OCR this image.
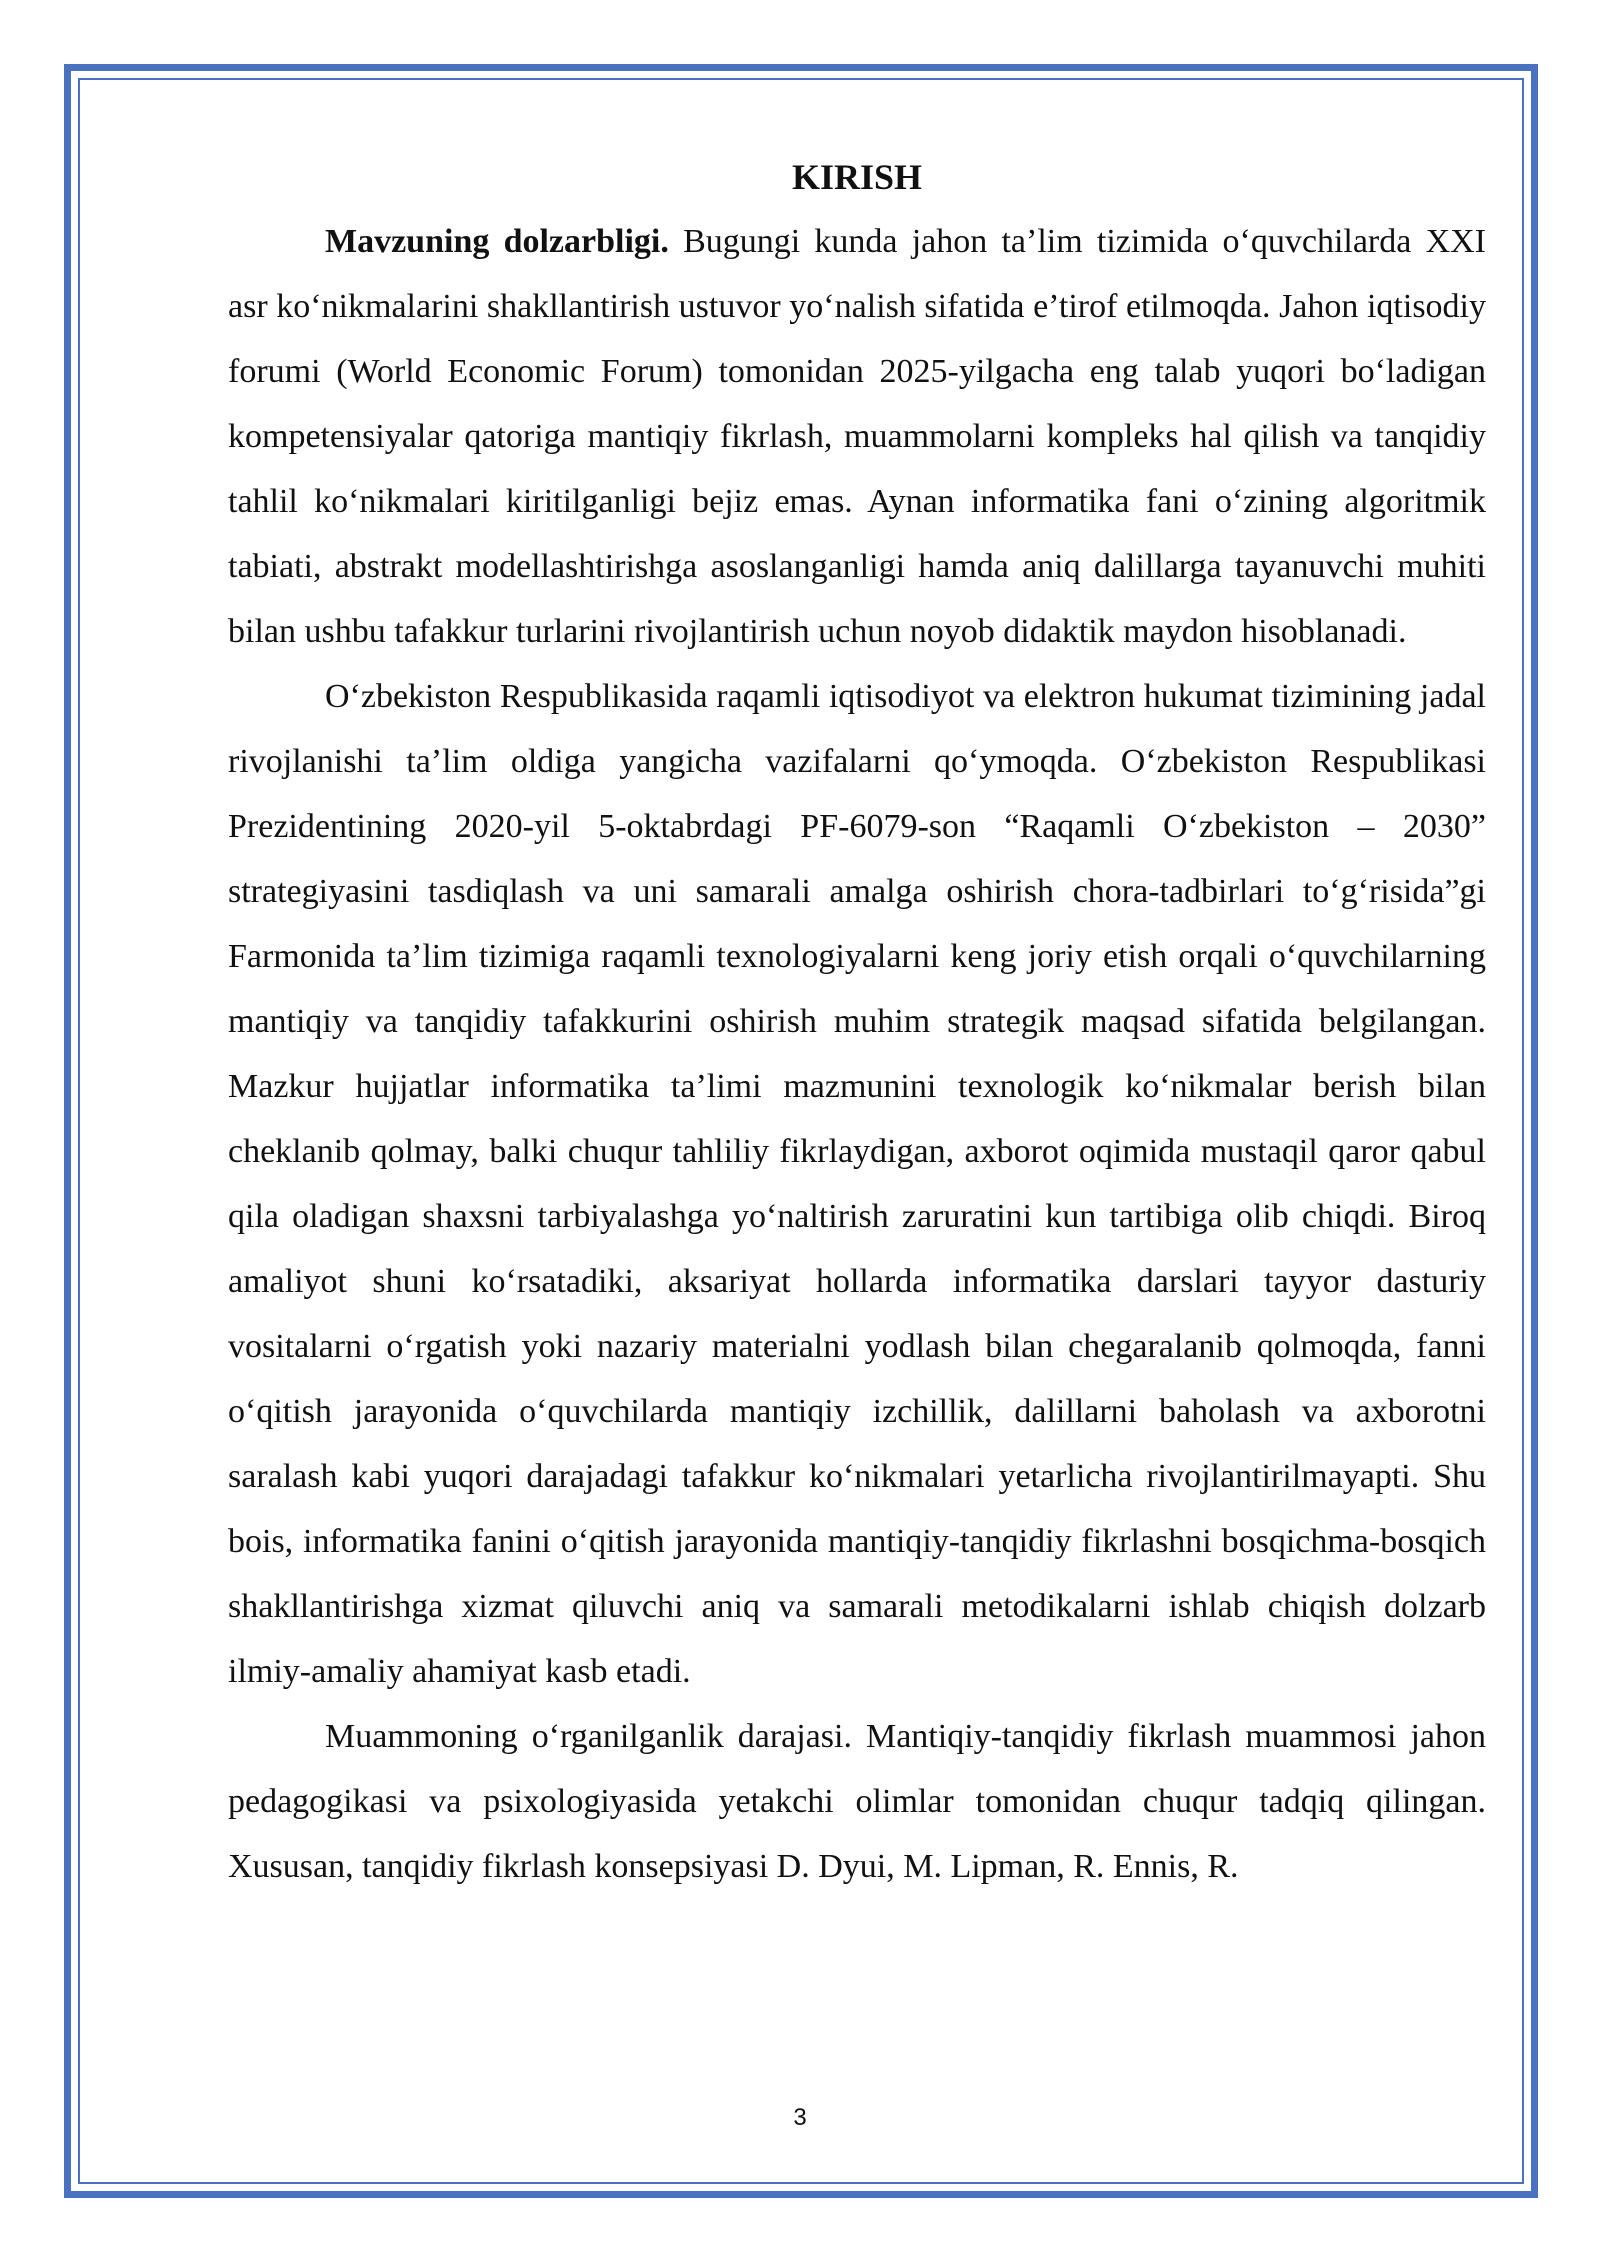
KIRISH

Mavzuning dolzarbligi. Bugungi kunda jahon ta’lim tizimida o‘quvchilarda XXI asr ko‘nikmalarini shakllantirish ustuvor yo‘nalish sifatida e’tirof etilmoqda. Jahon iqtisodiy forumi (World Economic Forum) tomonidan 2025-yilgacha eng talab yuqori bo‘ladigan kompetensiyalar qatoriga mantiqiy fikrlash, muammolarni kompleks hal qilish va tanqidiy tahlil ko‘nikmalari kiritilganligi bejiz emas. Aynan informatika fani o‘zining algoritmik tabiati, abstrakt modellashtirishga asoslanganligi hamda aniq dalillarga tayanuvchi muhiti bilan ushbu tafakkur turlarini rivojlantirish uchun noyob didaktik maydon hisoblanadi.

O‘zbekiston Respublikasida raqamli iqtisodiyot va elektron hukumat tizimining jadal rivojlanishi ta’lim oldiga yangicha vazifalarni qo‘ymoqda. O‘zbekiston Respublikasi Prezidentining 2020-yil 5-oktabrdagi PF-6079-son “Raqamli O‘zbekiston – 2030” strategiyasini tasdiqlash va uni samarali amalga oshirish chora-tadbirlari to‘g‘risida”gi Farmonida ta’lim tizimiga raqamli texnologiyalarni keng joriy etish orqali o‘quvchilarning mantiqiy va tanqidiy tafakkurini oshirish muhim strategik maqsad sifatida belgilangan. Mazkur hujjatlar informatika ta’limi mazmunini texnologik ko‘nikmalar berish bilan cheklanib qolmay, balki chuqur tahliliy fikrlaydigan, axborot oqimida mustaqil qaror qabul qila oladigan shaxsni tarbiyalashga yo‘naltirish zaruratini kun tartibiga olib chiqdi. Biroq amaliyot shuni ko‘rsatadiki, aksariyat hollarda informatika darslari tayyor dasturiy vositalarni o‘rgatish yoki nazariy materialni yodlash bilan chegaralanib qolmoqda, fanni o‘qitish jarayonida o‘quvchilarda mantiqiy izchillik, dalillarni baholash va axborotni saralash kabi yuqori darajadagi tafakkur ko‘nikmalari yetarlicha rivojlantirilmayapti. Shu bois, informatika fanini o‘qitish jarayonida mantiqiy-tanqidiy fikrlashni bosqichma-bosqich shakllantirishga xizmat qiluvchi aniq va samarali metodikalarni ishlab chiqish dolzarb ilmiy-amaliy ahamiyat kasb etadi.

Muammoning o‘rganilganlik darajasi. Mantiqiy-tanqidiy fikrlash muammosi jahon pedagogikasi va psixologiyasida yetakchi olimlar tomonidan chuqur tadqiq qilingan. Xususan, tanqidiy fikrlash konsepsiyasi D. Dyui, M. Lipman, R. Ennis, R.

3
